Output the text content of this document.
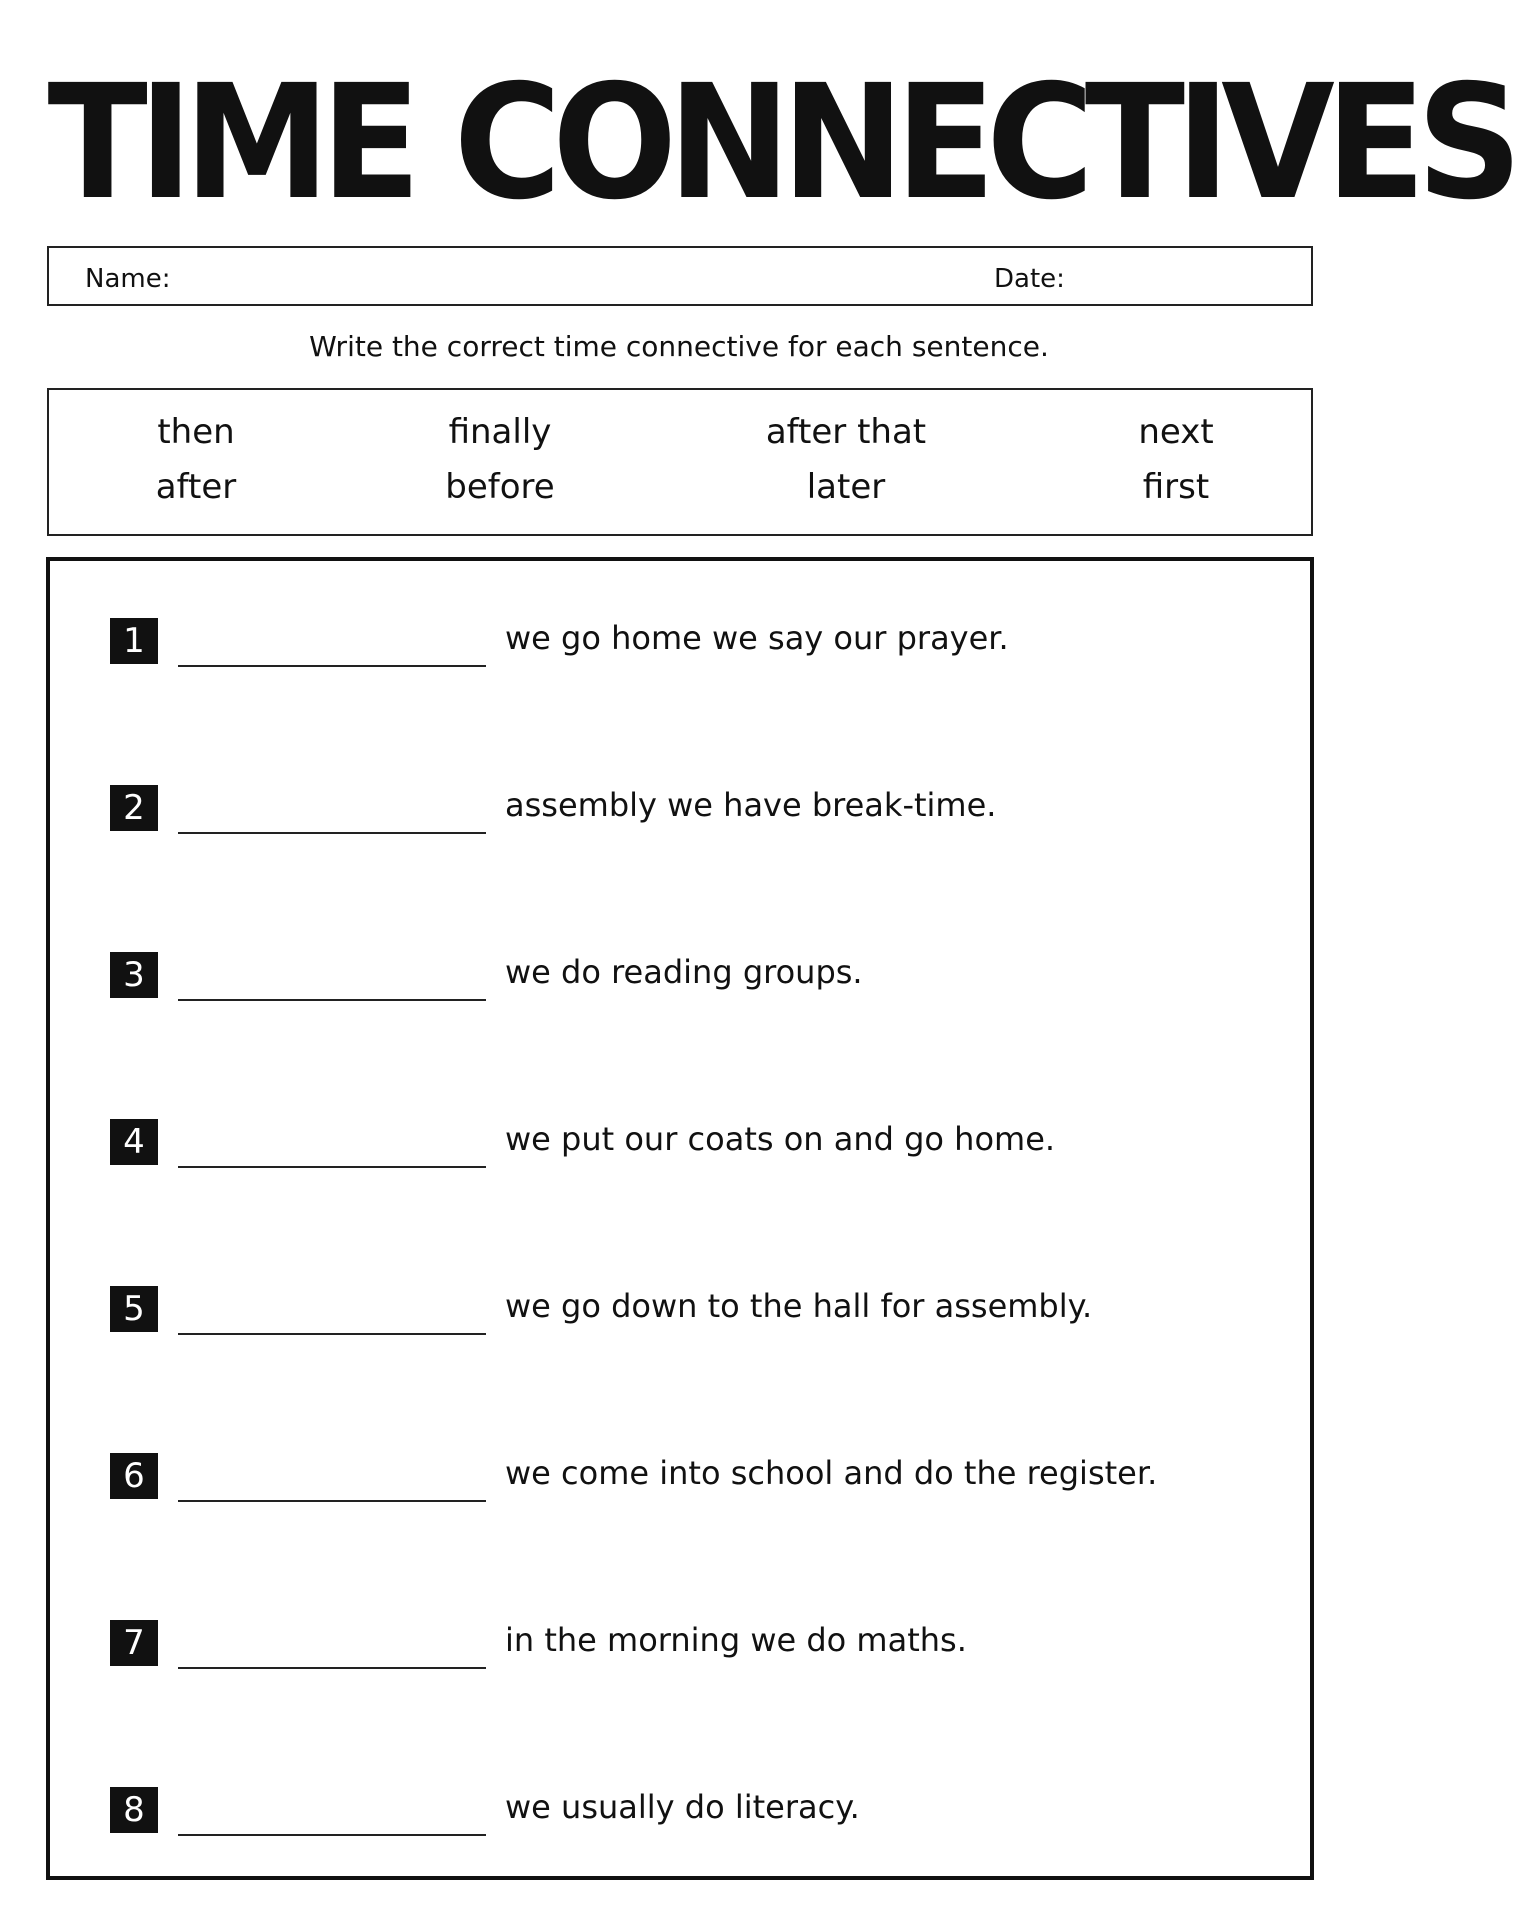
TIME CONNECTIVES
Name:	Date:
Write the correct time connective for each sentence.
then	finally	after that	next
after	before	later	first
1	we go home we say our prayer.
2	assembly we have break-time.
3	we do reading groups.
4	we put our coats on and go home.
5	we go down to the hall for assembly.
6	we come into school and do the register.
7	in the morning we do maths.
8	we usually do literacy.
